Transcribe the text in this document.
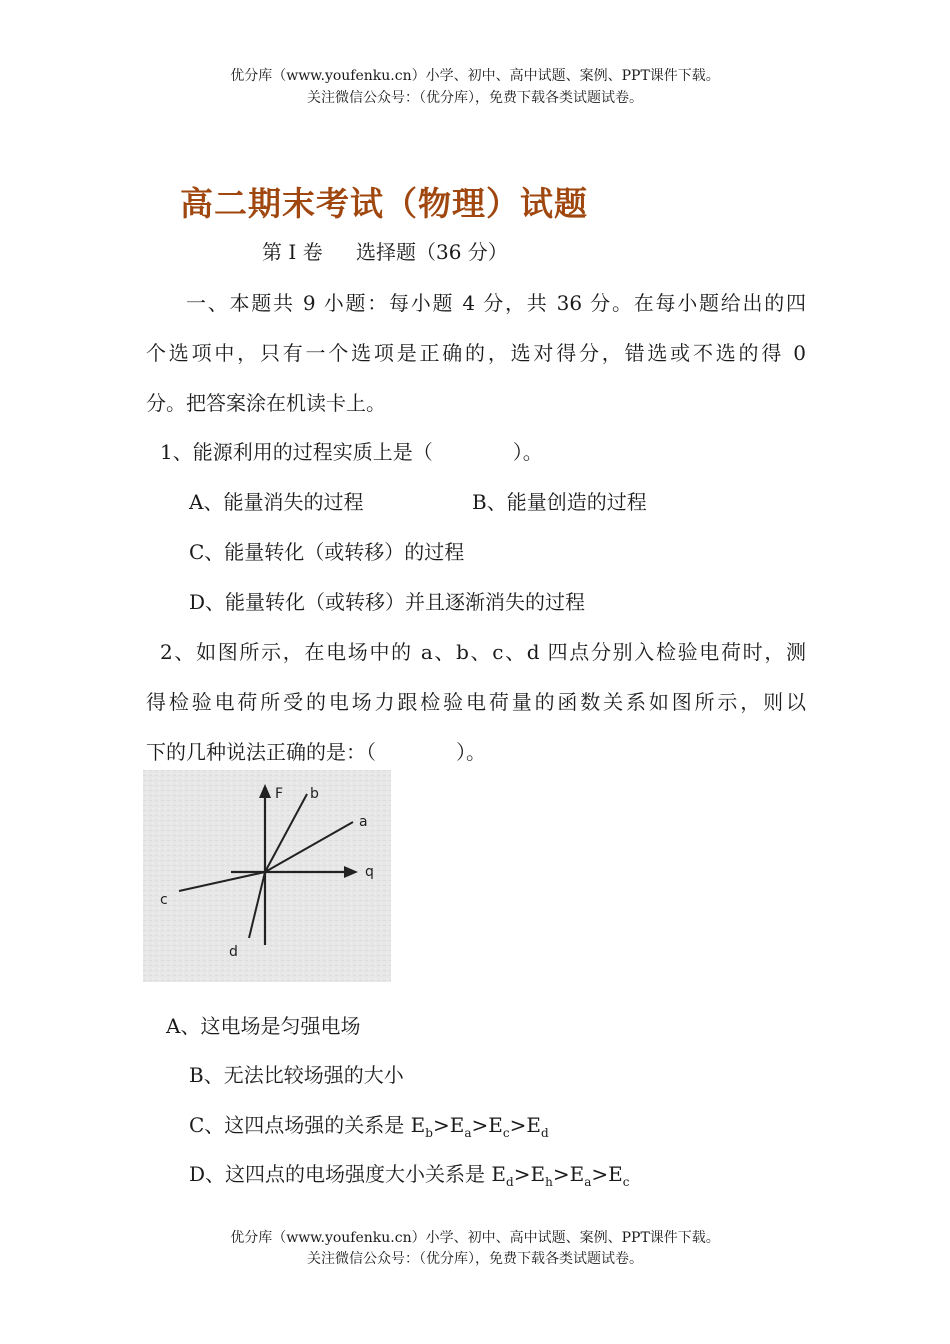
优分库（www.youfenku.cn）小学、初中、高中试题、案例、PPT课件下载。
关注微信公众号：（优分库），免费下载各类试题试卷。
高二期末考试（物理）试题
第 I 卷 选择题（36 分）
一、本题共 9 小题：每小题 4 分，共 36 分。在每小题给出的四
个选项中，只有一个选项是正确的，选对得分，错选或不选的得 0
分。把答案涂在机读卡上。
1、能源利用的过程实质上是（　　　　）。
A、能量消失的过程	B、能量创造的过程
C、能量转化（或转移）的过程
D、能量转化（或转移）并且逐渐消失的过程
2、如图所示，在电场中的 a、b、c、d 四点分别入检验电荷时，测
得检验电荷所受的电场力跟检验电荷量的函数关系如图所示，则以
下的几种说法正确的是：（　　　　）。
F
q
a
b
c
d
A、这电场是匀强电场
B、无法比较场强的大小
C、这四点场强的关系是 $E_b>E_a>E_c>E_d$
D、这四点的电场强度大小关系是 $E_d>E_h>E_a>E_c$
优分库（www.youfenku.cn）小学、初中、高中试题、案例、PPT课件下载。
关注微信公众号：（优分库），免费下载各类试题试卷。
